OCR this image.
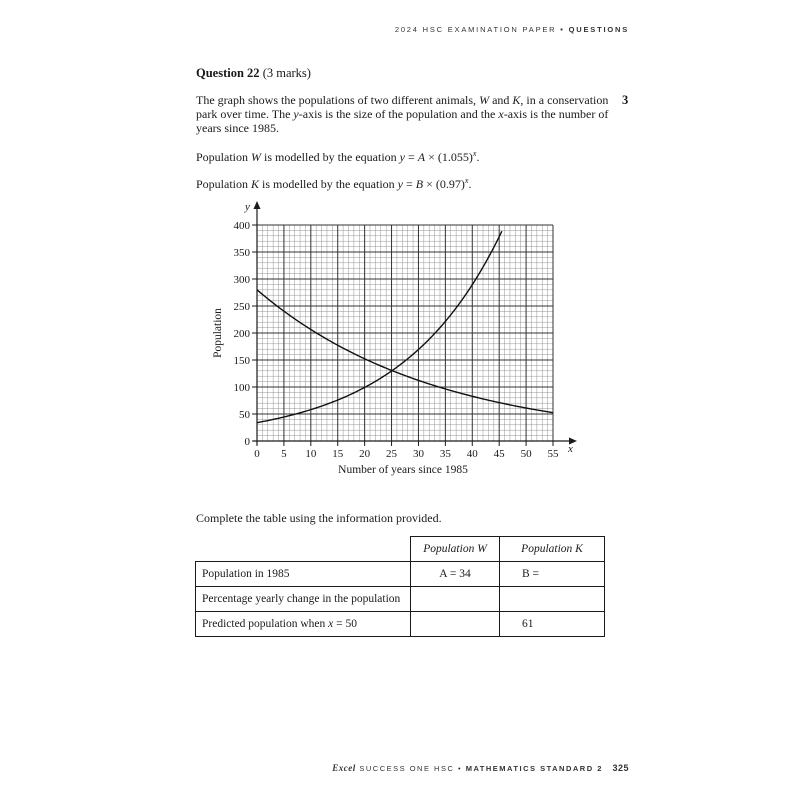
2024 HSC EXAMINATION PAPER • QUESTIONS
Question 22 (3 marks)
3
The graph shows the populations of two different animals, W and K, in a conservation park over time. The y-axis is the size of the population and the x-axis is the number of years since 1985.
Population W is modelled by the equation $y = A \times (1.055)^x$.
Population K is modelled by the equation $y = B \times (0.97)^x$.
0
50
100
150
200
250
300
350
400
0 5 10 15 20 25 30 35 40 45 50 55
Population
Number of years since 1985
y
x
Complete the table using the information provided.
	Population W	Population K
Population in 1985	A = 34	B =
Percentage yearly change in the population		
Predicted population when x = 50		61
Excel SUCCESS ONE HSC • MATHEMATICS STANDARD 2 325
